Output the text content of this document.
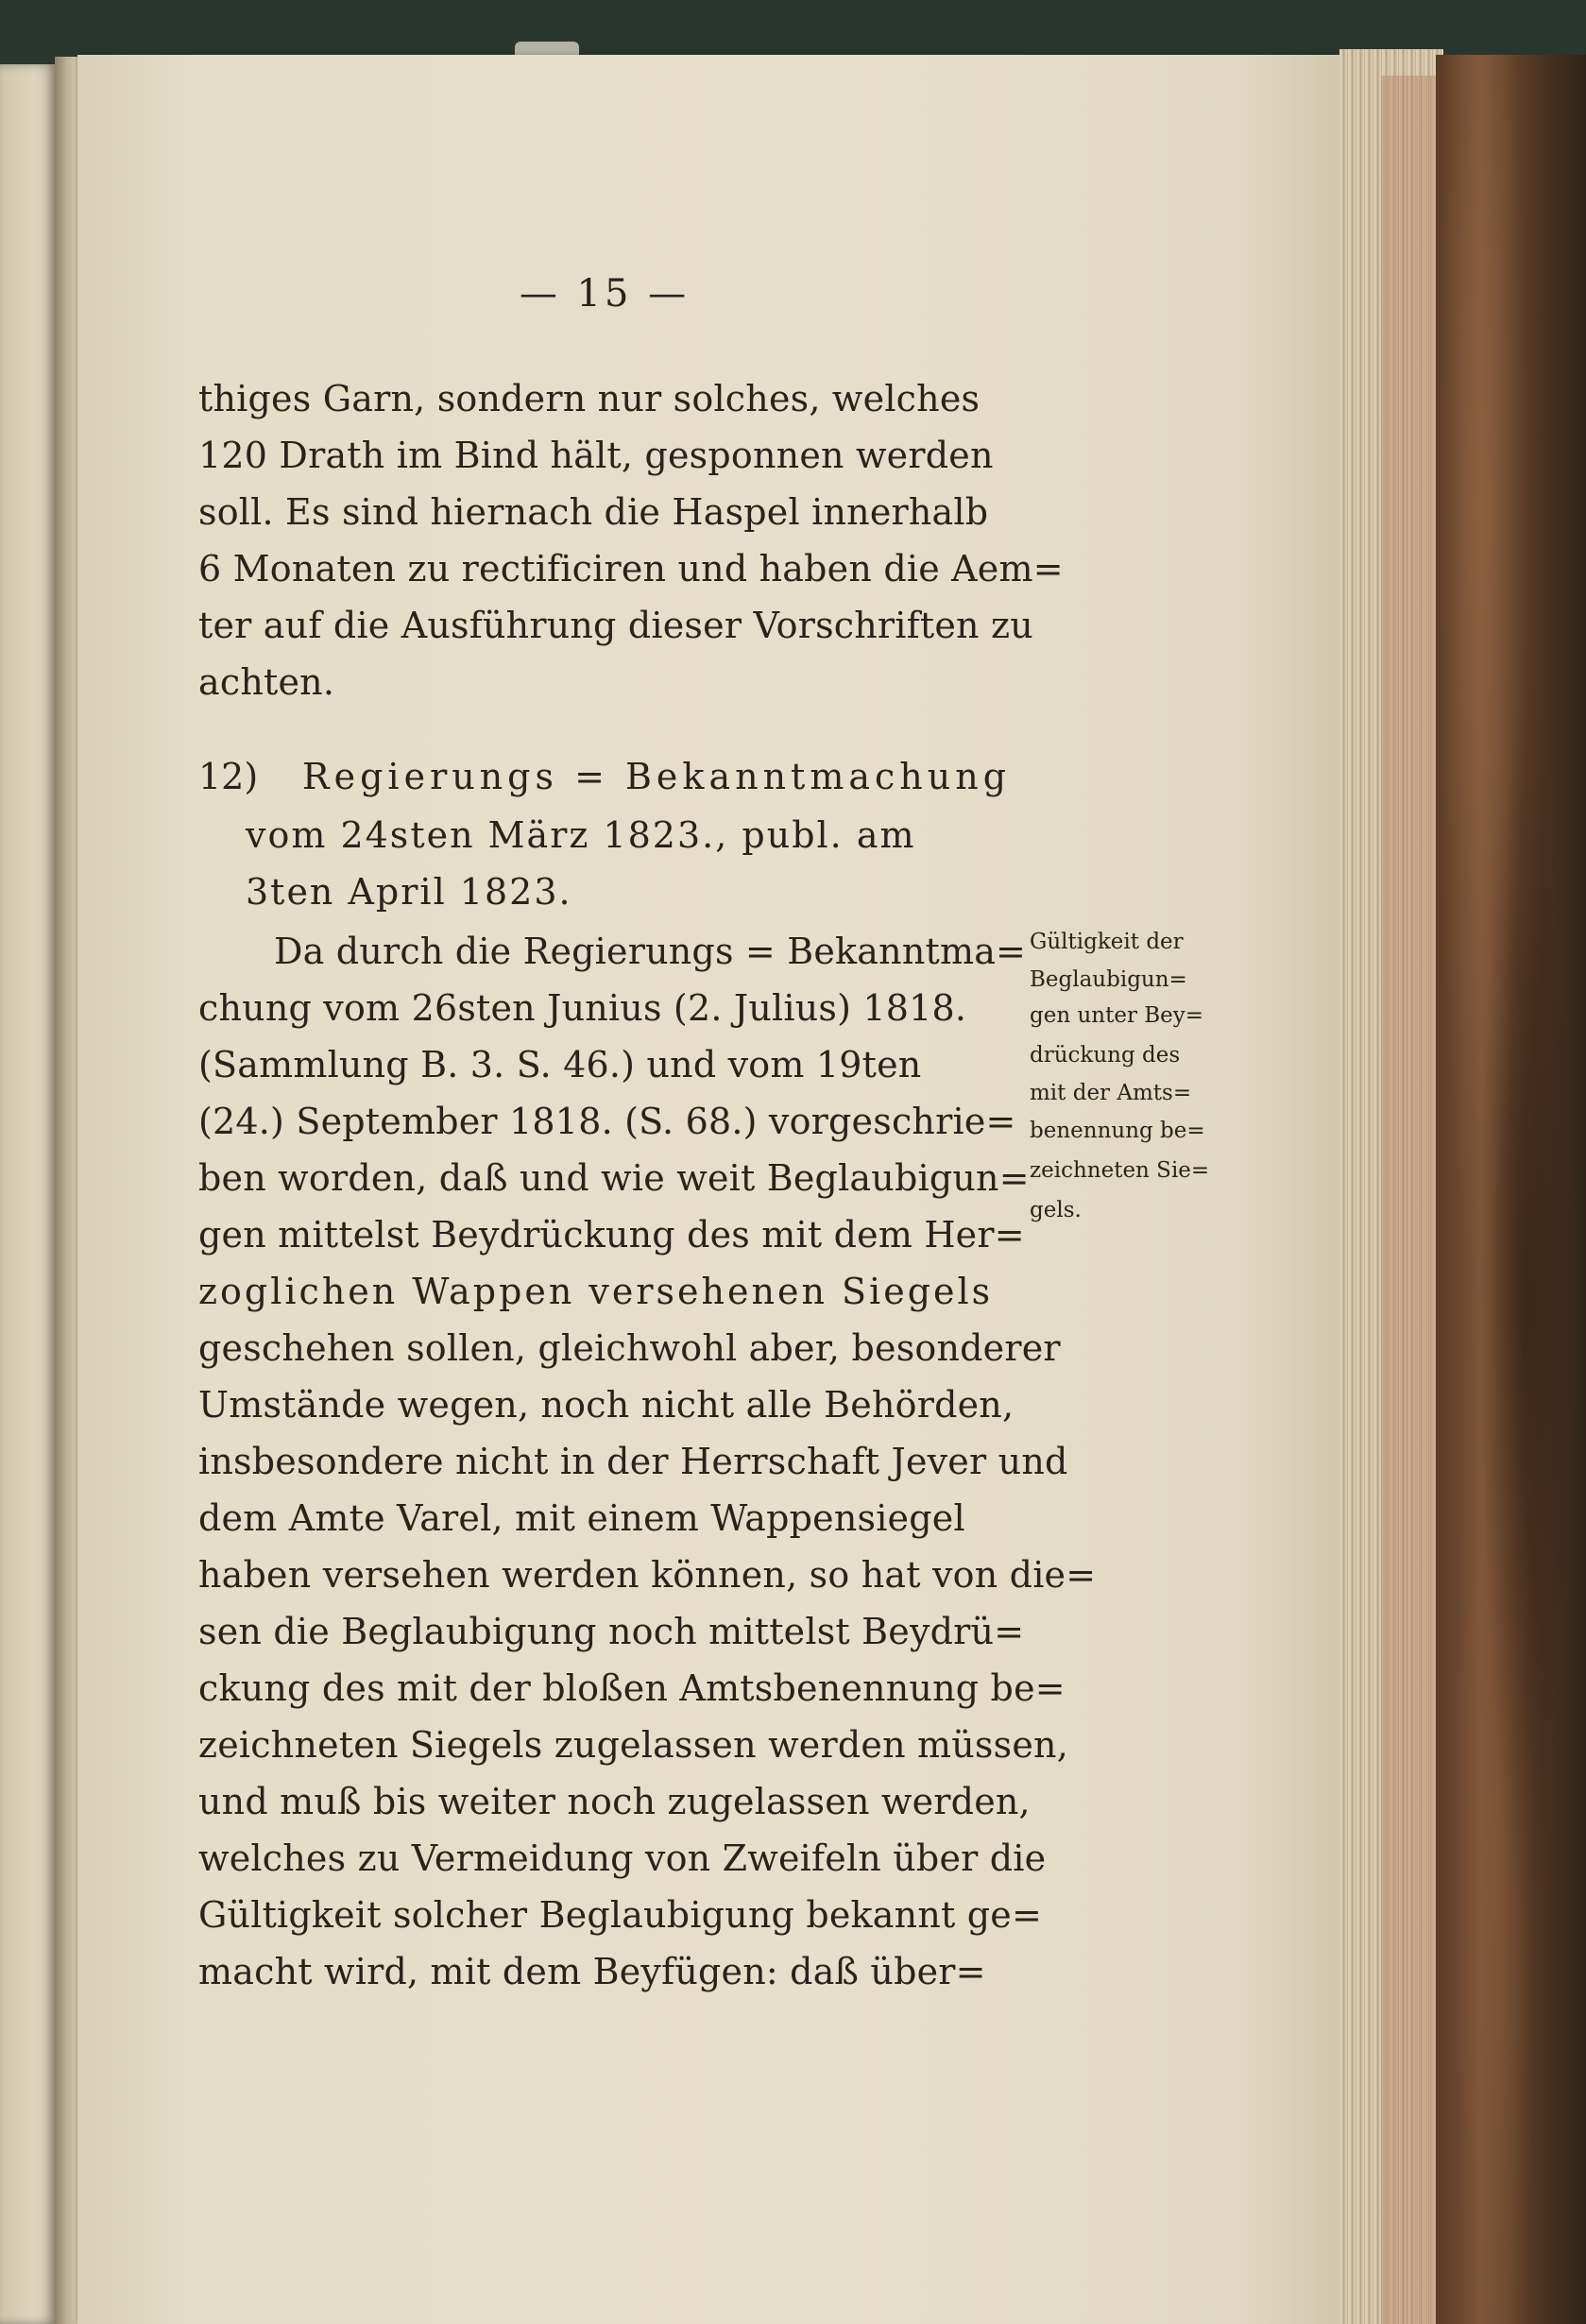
— 15 —
thiges Garn, sondern nur solches, welches
120 Drath im Bind hält, gesponnen werden
soll. Es sind hiernach die Haspel innerhalb
6 Monaten zu rectificiren und haben die Aem=
ter auf die Ausführung dieser Vorschriften zu
achten.
12) Regierungs = Bekanntmachung
vom 24sten März 1823., publ. am
3ten April 1823.
Da durch die Regierungs = Bekanntma=
chung vom 26sten Junius (2. Julius) 1818.
(Sammlung B. 3. S. 46.) und vom 19ten
(24.) September 1818. (S. 68.) vorgeschrie=
ben worden, daß und wie weit Beglaubigun=
gen mittelst Beydrückung des mit dem Her=
zoglichen Wappen versehenen Siegels
geschehen sollen, gleichwohl aber, besonderer
Umstände wegen, noch nicht alle Behörden,
insbesondere nicht in der Herrschaft Jever und
dem Amte Varel, mit einem Wappensiegel
haben versehen werden können, so hat von die=
sen die Beglaubigung noch mittelst Beydrü=
ckung des mit der bloßen Amtsbenennung be=
zeichneten Siegels zugelassen werden müssen,
und muß bis weiter noch zugelassen werden,
welches zu Vermeidung von Zweifeln über die
Gültigkeit solcher Beglaubigung bekannt ge=
macht wird, mit dem Beyfügen: daß über=
Gültigkeit der
Beglaubigun=
gen unter Bey=
drückung des
mit der Amts=
benennung be=
zeichneten Sie=
gels.
